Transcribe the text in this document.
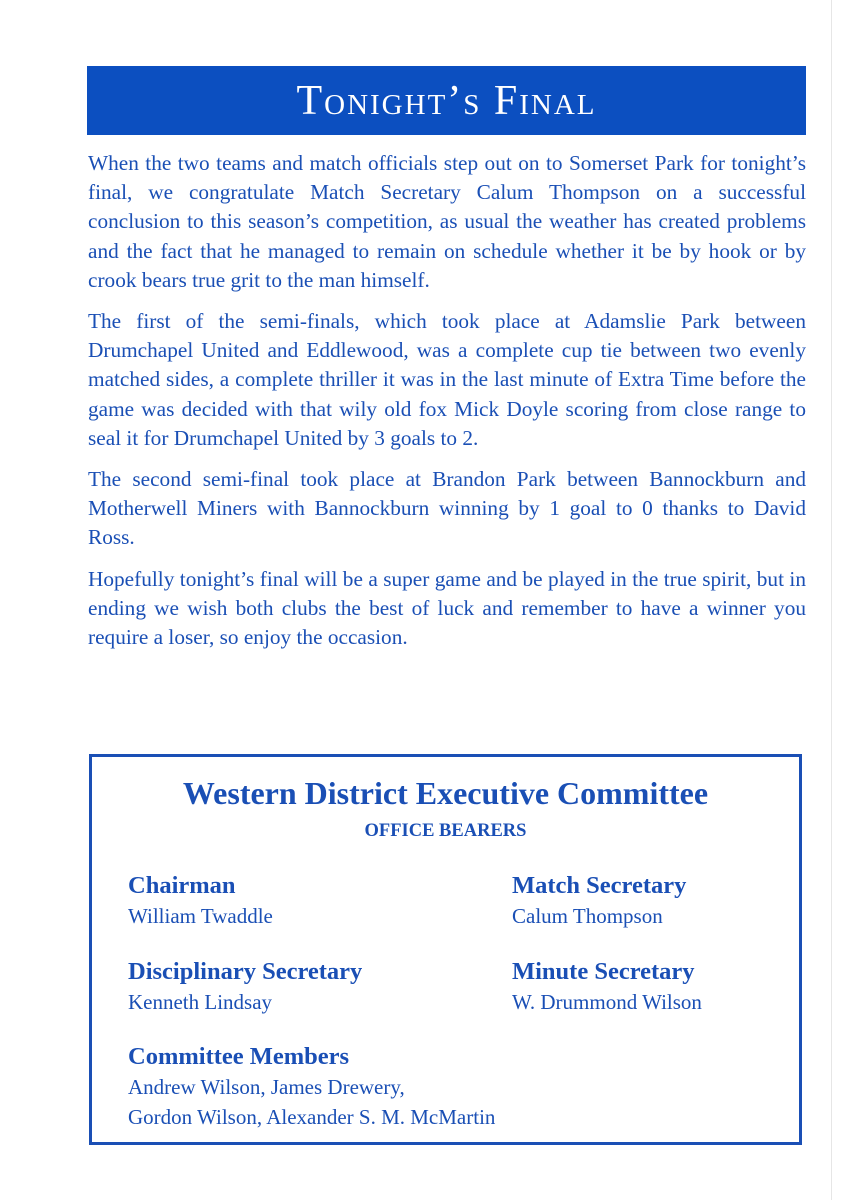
Tonight’s Final

When the two teams and match officials step out on to Somerset Park for tonight’s final, we congratulate Match Secretary Calum Thompson on a successful conclusion to this season’s competition, as usual the weather has created problems and the fact that he managed to remain on schedule whether it be by hook or by crook bears true grit to the man himself.

The first of the semi-finals, which took place at Adamslie Park between Drumchapel United and Eddlewood, was a complete cup tie between two evenly matched sides, a complete thriller it was in the last minute of Extra Time before the game was decided with that wily old fox Mick Doyle scoring from close range to seal it for Drumchapel United by 3 goals to 2.

The second semi-final took place at Brandon Park between Bannockburn and Motherwell Miners with Bannockburn winning by 1 goal to 0 thanks to David Ross.

Hopefully tonight’s final will be a super game and be played in the true spirit, but in ending we wish both clubs the best of luck and remember to have a winner you require a loser, so enjoy the occasion.

Western District Executive Committee
OFFICE BEARERS
Chairman
William Twaddle
Match Secretary
Calum Thompson
Disciplinary Secretary
Kenneth Lindsay
Minute Secretary
W. Drummond Wilson
Committee Members
Andrew Wilson, James Drewery,
Gordon Wilson, Alexander S. M. McMartin
